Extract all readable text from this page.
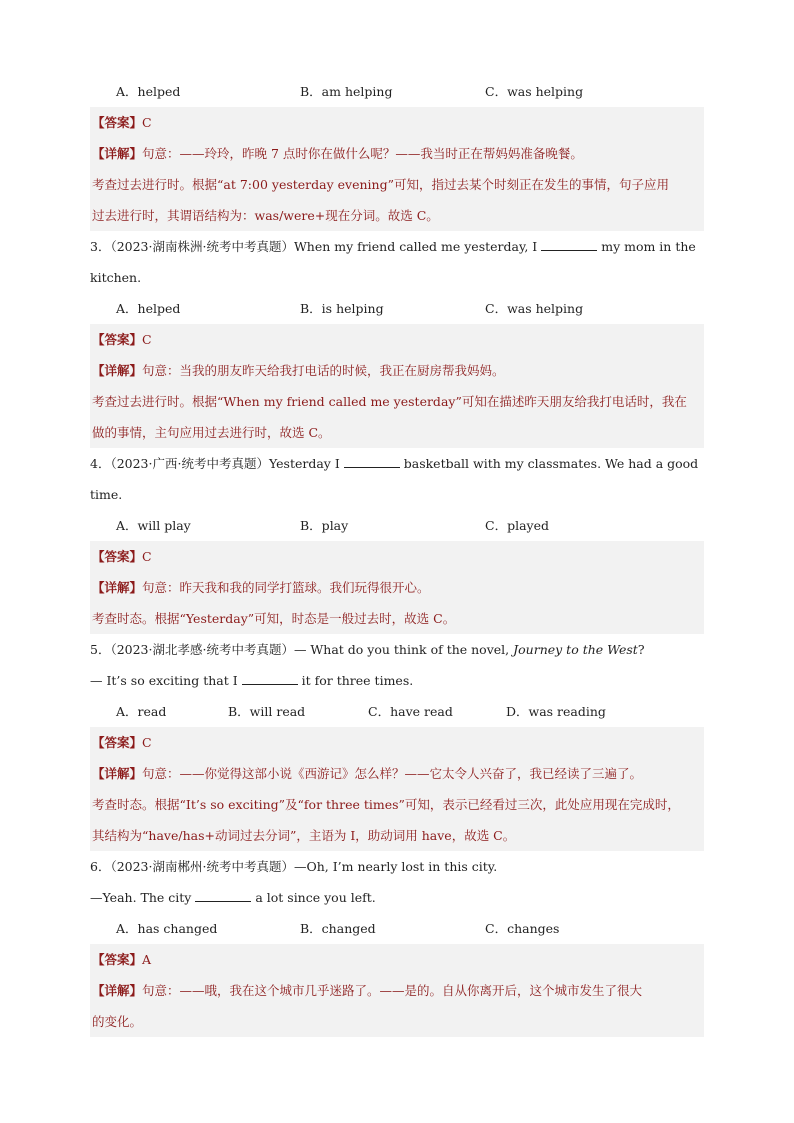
A．helped	B．am helping	C．was helping
【答案】C
【详解】句意：——玲玲，昨晚 7 点时你在做什么呢？——我当时正在帮妈妈准备晚餐。
考查过去进行时。根据“at 7:00 yesterday evening”可知，指过去某个时刻正在发生的事情，句子应用
过去进行时，其谓语结构为：was/were+现在分词。故选 C。
3．（2023·湖南株洲·统考中考真题）When my friend called me yesterday, I	my mom in the
kitchen.
A．helped	B．is helping	C．was helping
【答案】C
【详解】句意：当我的朋友昨天给我打电话的时候，我正在厨房帮我妈妈。
考查过去进行时。根据“When my friend called me yesterday”可知在描述昨天朋友给我打电话时，我在
做的事情，主句应用过去进行时，故选 C。
4．（2023·广西·统考中考真题）Yesterday I	basketball with my classmates. We had a good
time.
A．will play	B．play	C．played
【答案】C
【详解】句意：昨天我和我的同学打篮球。我们玩得很开心。
考查时态。根据“Yesterday”可知，时态是一般过去时，故选 C。
5．（2023·湖北孝感·统考中考真题）— What do you think of the novel, Journey to the West?
— It’s so exciting that I	it for three times.
A．read	B．will read	C．have read	D．was reading
【答案】C
【详解】句意：——你觉得这部小说《西游记》怎么样？——它太令人兴奋了，我已经读了三遍了。
考查时态。根据“It’s so exciting”及“for three times”可知，表示已经看过三次，此处应用现在完成时，
其结构为“have/has+动词过去分词”，主语为 I，助动词用 have，故选 C。
6．（2023·湖南郴州·统考中考真题）—Oh, I’m nearly lost in this city.
—Yeah. The city	a lot since you left.
A．has changed	B．changed	C．changes
【答案】A
【详解】句意：——哦，我在这个城市几乎迷路了。——是的。自从你离开后，这个城市发生了很大
的变化。
